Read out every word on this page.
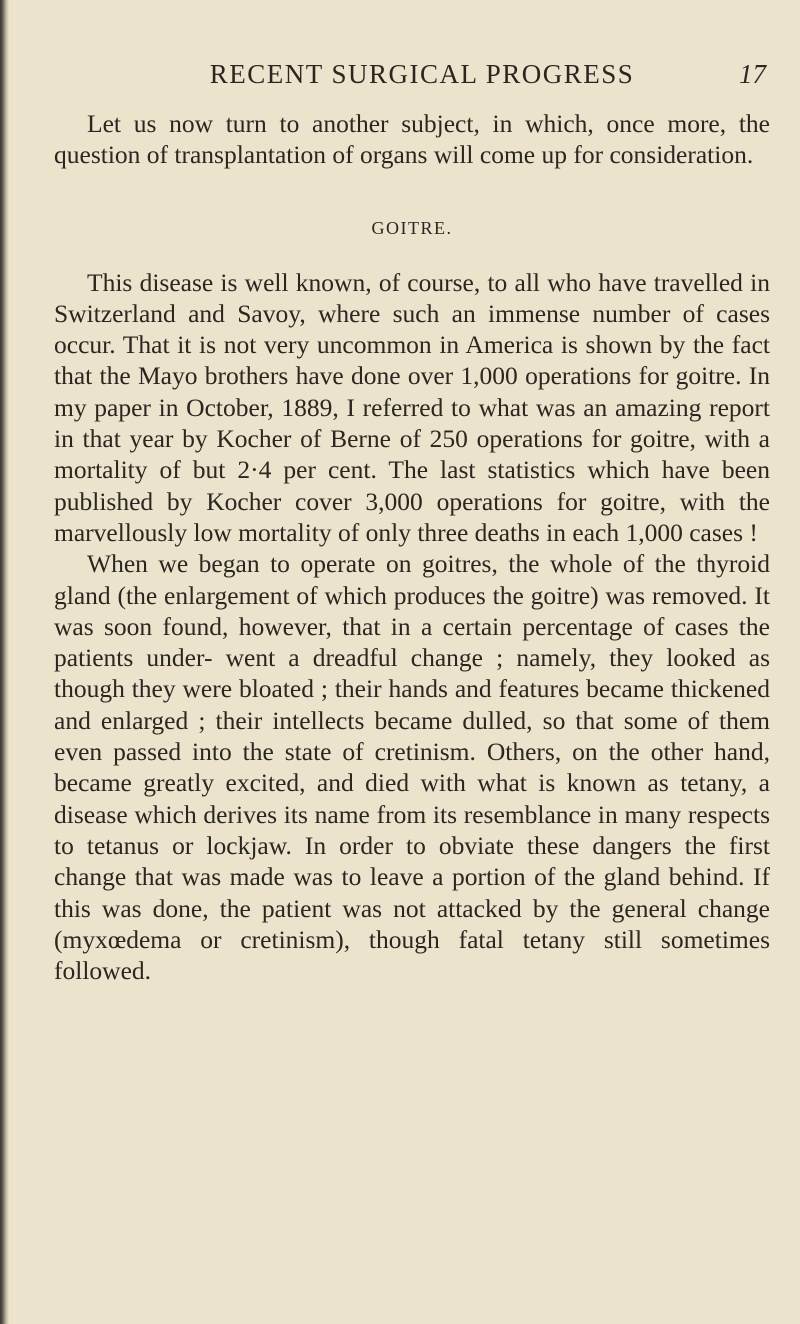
RECENT SURGICAL PROGRESS	17

Let us now turn to another subject, in which, once more, the question of transplantation of organs will come up for consideration.

GOITRE.

This disease is well known, of course, to all who have travelled in Switzerland and Savoy, where such an immense number of cases occur. That it is not very uncommon in America is shown by the fact that the Mayo brothers have done over 1,000 operations for goitre. In my paper in October, 1889, I referred to what was an amazing report in that year by Kocher of Berne of 250 operations for goitre, with a mortality of but 2·4 per cent. The last statistics which have been published by Kocher cover 3,000 operations for goitre, with the marvellously low mortality of only three deaths in each 1,000 cases !

When we began to operate on goitres, the whole of the thyroid gland (the enlargement of which produces the goitre) was removed. It was soon found, however, that in a certain percentage of cases the patients under- went a dreadful change ; namely, they looked as though they were bloated ; their hands and features became thickened and enlarged ; their intellects became dulled, so that some of them even passed into the state of cretinism. Others, on the other hand, became greatly excited, and died with what is known as tetany, a disease which derives its name from its resemblance in many respects to tetanus or lockjaw. In order to obviate these dangers the first change that was made was to leave a portion of the gland behind. If this was done, the patient was not attacked by the general change (myxœdema or cretinism), though fatal tetany still sometimes followed.
